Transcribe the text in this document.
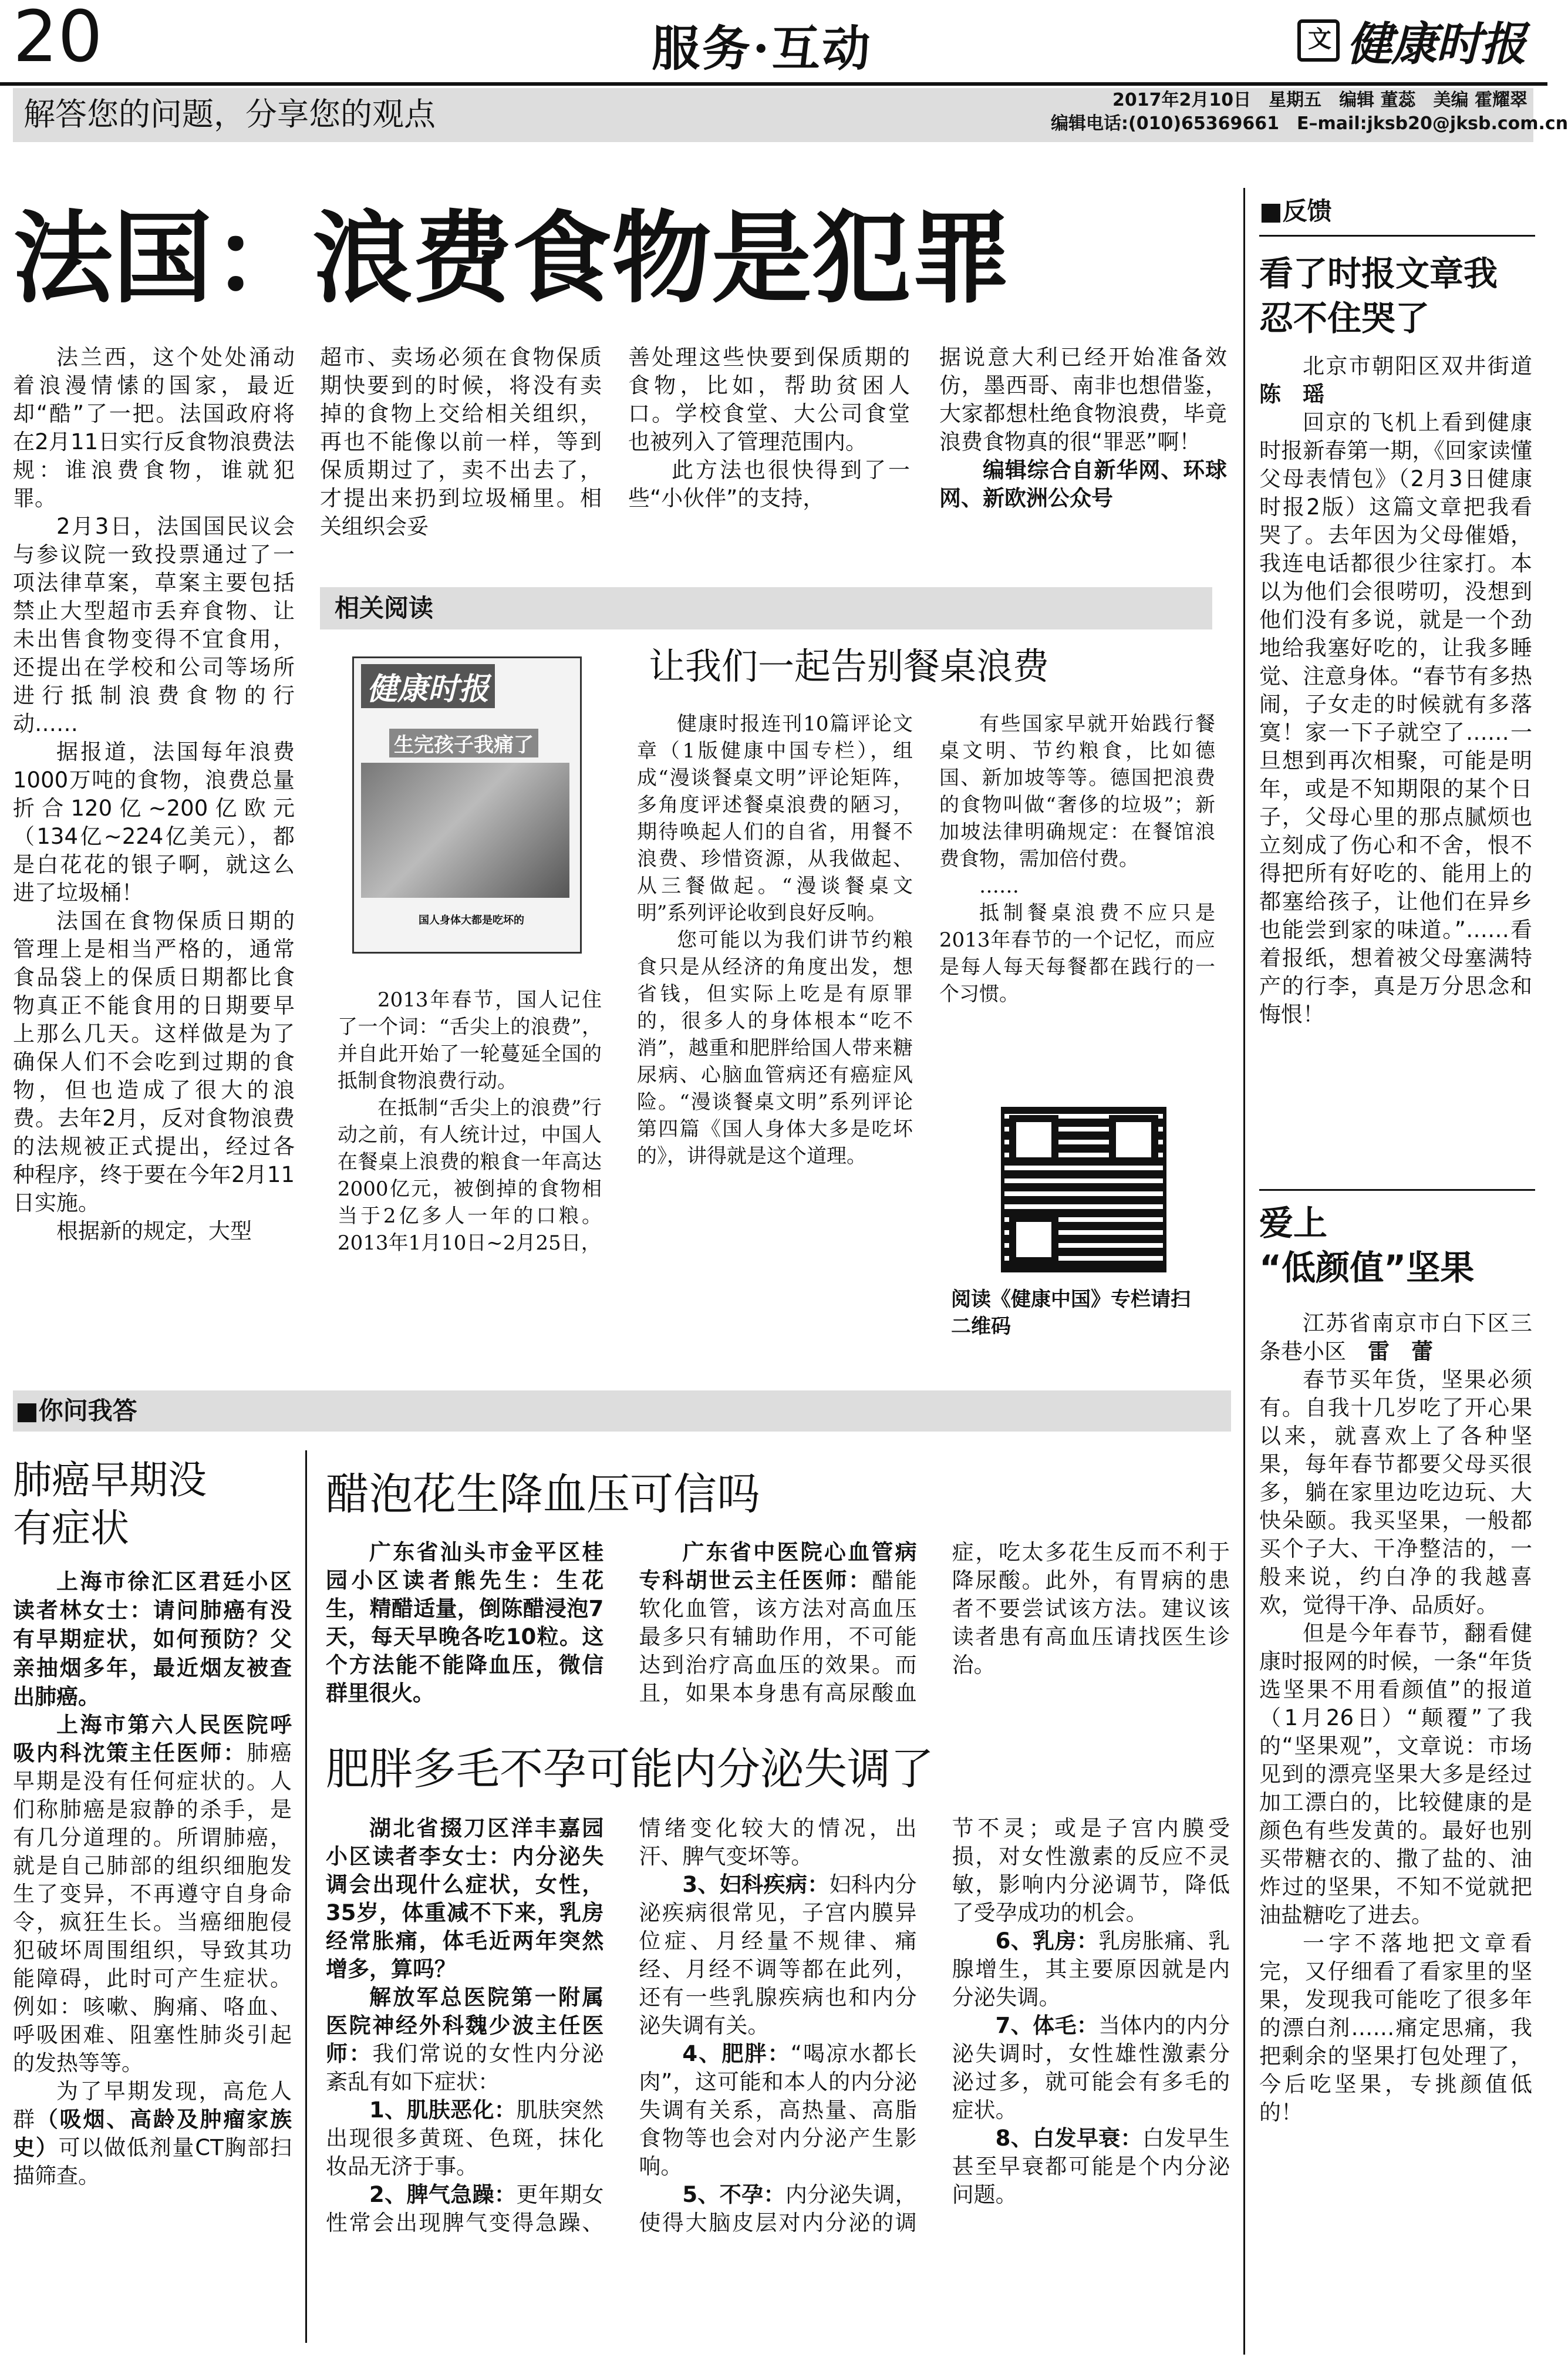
20	服务·互动	文 健康时报
解答您的问题，分享您的观点	2017年2月10日　星期五　编辑 董蕊　美编 霍耀翠
编辑电话:(010)65369661　E–mail:jksb20@jksb.com.cn
法国：浪费食物是犯罪

法兰西，这个处处涌动着浪漫情愫的国家，最近却“酷”了一把。法国政府将在2月11日实行反食物浪费法规：谁浪费食物，谁就犯罪。

2月3日，法国国民议会与参议院一致投票通过了一项法律草案，草案主要包括禁止大型超市丢弃食物、让未出售食物变得不宜食用，还提出在学校和公司等场所进行抵制浪费食物的行动……

据报道，法国每年浪费1000万吨的食物，浪费总量折合120亿~200亿欧元（134亿~224亿美元），都是白花花的银子啊，就这么进了垃圾桶！

法国在食物保质日期的管理上是相当严格的，通常食品袋上的保质日期都比食物真正不能食用的日期要早上那么几天。这样做是为了确保人们不会吃到过期的食物，但也造成了很大的浪费。去年2月，反对食物浪费的法规被正式提出，经过各种程序，终于要在今年2月11日实施。

根据新的规定，大型

超市、卖场必须在食物保质期快要到的时候，将没有卖掉的食物上交给相关组织，再也不能像以前一样，等到保质期过了，卖不出去了，才提出来扔到垃圾桶里。相关组织会妥

善处理这些快要到保质期的食物，比如，帮助贫困人口。学校食堂、大公司食堂也被列入了管理范围内。

此方法也很快得到了一些“小伙伴”的支持，

据说意大利已经开始准备效仿，墨西哥、南非也想借鉴，大家都想杜绝食物浪费，毕竟浪费食物真的很“罪恶”啊！

编辑综合自新华网、环球网、新欧洲公众号

相关阅读
让我们一起告别餐桌浪费
健康时报
生完孩子我痛了
国人身体大都是吃坏的

2013年春节，国人记住了一个词：“舌尖上的浪费”，并自此开始了一轮蔓延全国的抵制食物浪费行动。

在抵制“舌尖上的浪费”行动之前，有人统计过，中国人在餐桌上浪费的粮食一年高达2000亿元，被倒掉的食物相当于2亿多人一年的口粮。2013年1月10日~2月25日，

健康时报连刊10篇评论文章（1版健康中国专栏），组成“漫谈餐桌文明”评论矩阵，多角度评述餐桌浪费的陋习，期待唤起人们的自省，用餐不浪费、珍惜资源，从我做起、从三餐做起。“漫谈餐桌文明”系列评论收到良好反响。

您可能以为我们讲节约粮食只是从经济的角度出发，想省钱，但实际上吃是有原罪的，很多人的身体根本“吃不消”，越重和肥胖给国人带来糖尿病、心脑血管病还有癌症风险。“漫谈餐桌文明”系列评论第四篇《国人身体大多是吃坏的》，讲得就是这个道理。

有些国家早就开始践行餐桌文明、节约粮食，比如德国、新加坡等等。德国把浪费的食物叫做“奢侈的垃圾”；新加坡法律明确规定：在餐馆浪费食物，需加倍付费。

……

抵制餐桌浪费不应只是2013年春节的一个记忆，而应是每人每天每餐都在践行的一个习惯。

阅读《健康中国》专栏请扫二维码
■你问我答
肺癌早期没有症状

上海市徐汇区君廷小区读者林女士：请问肺癌有没有早期症状，如何预防？父亲抽烟多年，最近烟友被查出肺癌。

上海市第六人民医院呼吸内科沈策主任医师：肺癌早期是没有任何症状的。人们称肺癌是寂静的杀手，是有几分道理的。所谓肺癌，就是自己肺部的组织细胞发生了变异，不再遵守自身命令，疯狂生长。当癌细胞侵犯破坏周围组织，导致其功能障碍，此时可产生症状。例如：咳嗽、胸痛、咯血、呼吸困难、阻塞性肺炎引起的发热等等。

为了早期发现，高危人群（吸烟、高龄及肿瘤家族史）可以做低剂量CT胸部扫描筛查。

醋泡花生降血压可信吗

广东省汕头市金平区桂园小区读者熊先生：生花生，精醋适量，倒陈醋浸泡7天，每天早晚各吃10粒。这个方法能不能降血压，微信群里很火。

广东省中医院心血管病专科胡世云主任医师：醋能软化血管，该方法对高血压最多只有辅助作用，不可能达到治疗高血压的效果。而且，如果本身患有高尿酸血症，吃太多花生反而不利于降尿酸。此外，有胃病的患者不要尝试该方法。建议该读者患有高血压请找医生诊治。

肥胖多毛不孕可能内分泌失调了

湖北省掇刀区洋丰嘉园小区读者李女士：内分泌失调会出现什么症状，女性，35岁，体重减不下来，乳房经常胀痛，体毛近两年突然增多，算吗？

解放军总医院第一附属医院神经外科魏少波主任医师：我们常说的女性内分泌紊乱有如下症状：

1、肌肤恶化：肌肤突然出现很多黄斑、色斑，抹化妆品无济于事。

2、脾气急躁：更年期女性常会出现脾气变得急躁、情绪变化较大的情况，出汗、脾气变坏等。

3、妇科疾病：妇科内分泌疾病很常见，子宫内膜异位症、月经量不规律、痛经、月经不调等都在此列，还有一些乳腺疾病也和内分泌失调有关。

4、肥胖：“喝凉水都长肉”，这可能和本人的内分泌失调有关系，高热量、高脂食物等也会对内分泌产生影响。

5、不孕：内分泌失调，使得大脑皮层对内分泌的调节不灵；或是子宫内膜受损，对女性激素的反应不灵敏，影响内分泌调节，降低了受孕成功的机会。

6、乳房：乳房胀痛、乳腺增生，其主要原因就是内分泌失调。

7、体毛：当体内的内分泌失调时，女性雄性激素分泌过多，就可能会有多毛的症状。

8、白发早衰：白发早生甚至早衰都可能是个内分泌问题。

■反馈
看了时报文章我忍不住哭了

北京市朝阳区双井街道　陈　瑶

回京的飞机上看到健康时报新春第一期，《回家读懂父母表情包》（2月3日健康时报2版）这篇文章把我看哭了。去年因为父母催婚，我连电话都很少往家打。本以为他们会很唠叨，没想到他们没有多说，就是一个劲地给我塞好吃的，让我多睡觉、注意身体。“春节有多热闹，子女走的时候就有多落寞！家一下子就空了……一旦想到再次相聚，可能是明年，或是不知期限的某个日子，父母心里的那点腻烦也立刻成了伤心和不舍，恨不得把所有好吃的、能用上的都塞给孩子，让他们在异乡也能尝到家的味道。”……看着报纸，想着被父母塞满特产的行李，真是万分思念和悔恨！

爱上
“低颜值”坚果

江苏省南京市白下区三条巷小区　雷　蕾

春节买年货，坚果必须有。自我十几岁吃了开心果以来，就喜欢上了各种坚果，每年春节都要父母买很多，躺在家里边吃边玩、大快朵颐。我买坚果，一般都买个子大、干净整洁的，一般来说，约白净的我越喜欢，觉得干净、品质好。

但是今年春节，翻看健康时报网的时候，一条“年货选坚果不用看颜值”的报道（1月26日）“颠覆”了我的“坚果观”，文章说：市场见到的漂亮坚果大多是经过加工漂白的，比较健康的是颜色有些发黄的。最好也别买带糖衣的、撒了盐的、油炸过的坚果，不知不觉就把油盐糖吃了进去。

一字不落地把文章看完，又仔细看了看家里的坚果，发现我可能吃了很多年的漂白剂……痛定思痛，我把剩余的坚果打包处理了，今后吃坚果，专挑颜值低的！
